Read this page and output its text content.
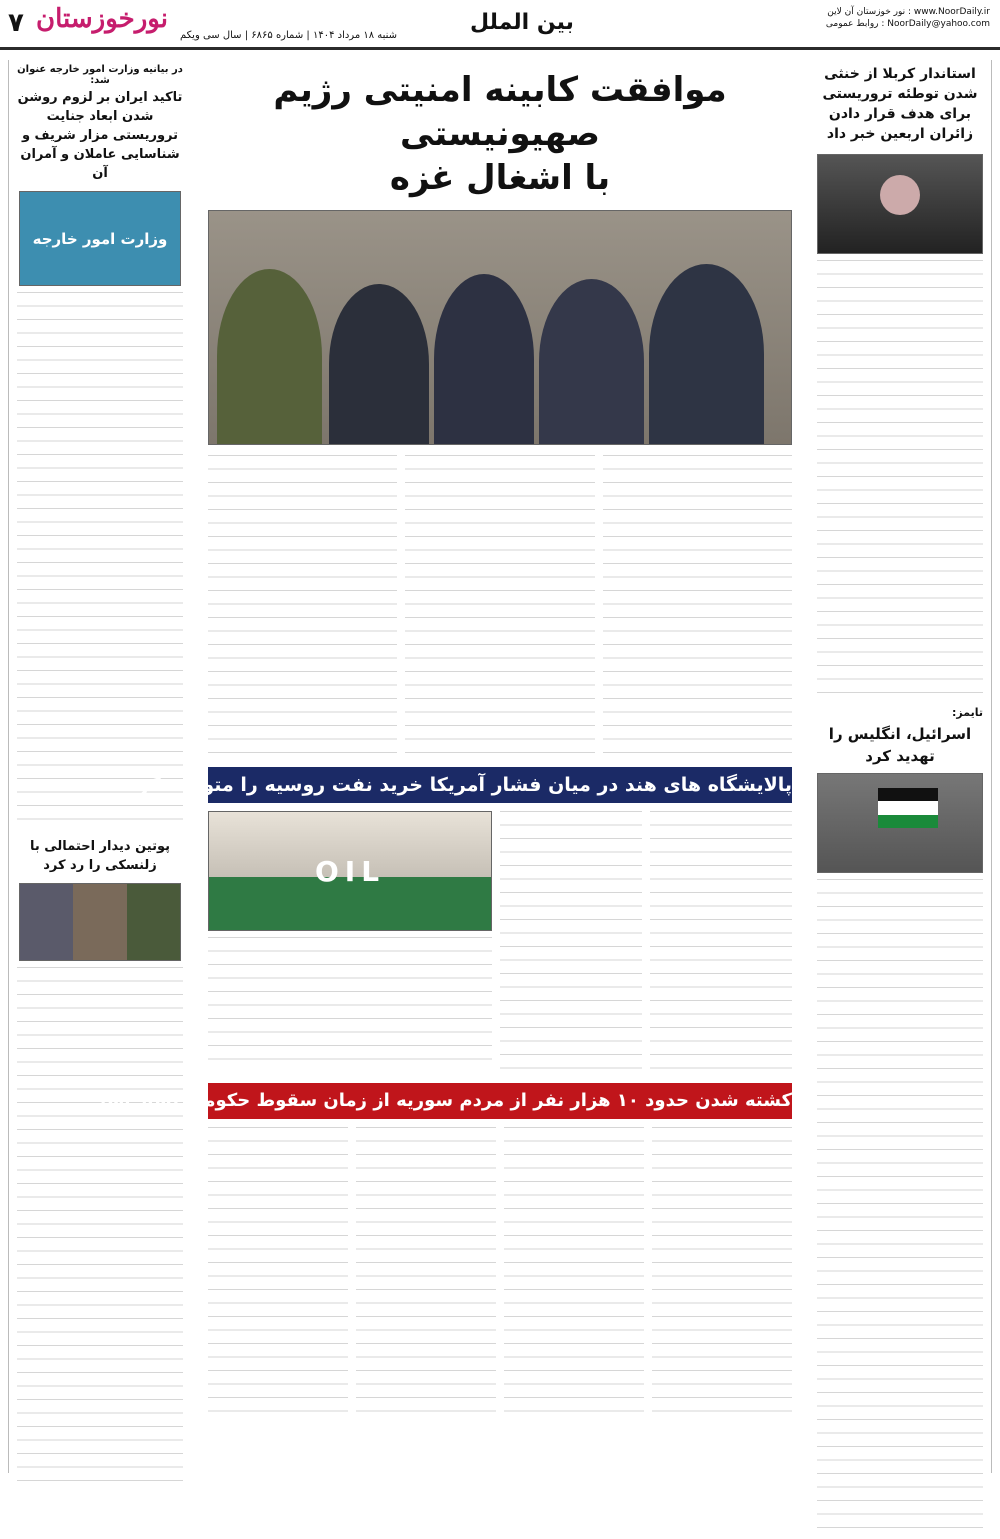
۷ نورخوزستان
شنبه ۱۸ مرداد ۱۴۰۴ | شماره ۶۸۶۵ | سال سی ویکم
بین الملل	نور خوزستان آن لاین : www.NoorDaily.ir
روابط عمومی : NoorDaily@yahoo.com
استاندار کربلا از خنثی شدن توطئه تروریستی برای هدف قرار دادن زائران اربعین خبر داد
تایمز:
اسرائیل، انگلیس را تهدید کرد
در بیانیه وزارت امور خارجه عنوان شد:
تاکید ایران بر لزوم روشن شدن ابعاد جنایت تروریستی مزار شریف و شناسایی عاملان و آمران آن
وزارت امور خارجه
پوتین دیدار احتمالی با زلنسکی را رد کرد
موافقت کابینه امنیتی رژیم صهیونیستی
با اشغال غزه
پالایشگاه های هند در میان فشار آمریکا خرید نفت روسیه را متوقف کردند
OIL
کشته شدن حدود ۱۰ هزار نفر از مردم سوریه از زمان سقوط حکومت بشار اسد
